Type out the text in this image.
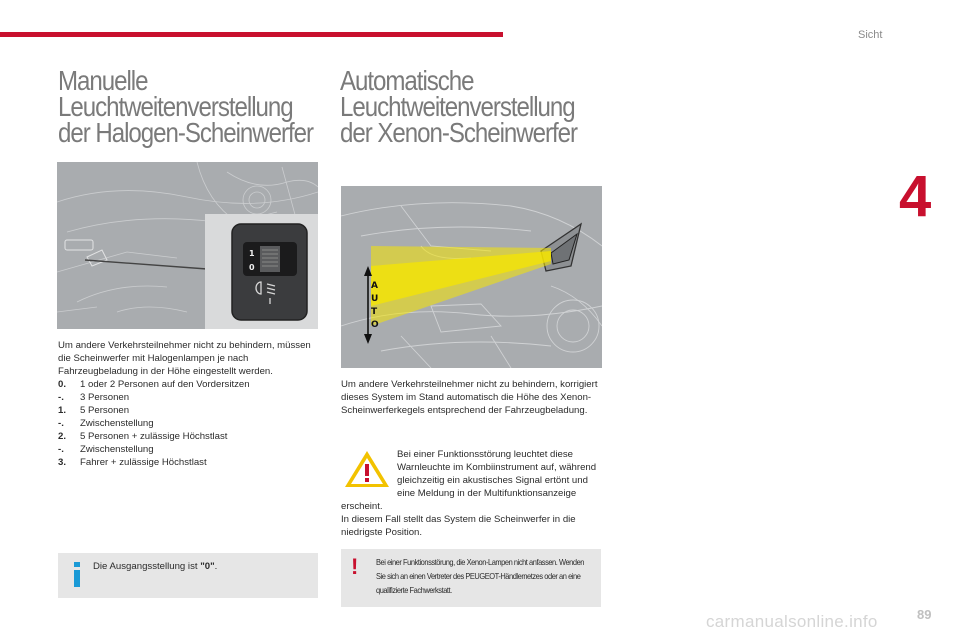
Sicht
4
Manuelle
Leuchtweitenverstellung
der Halogen-Scheinwerfer
Automatische
Leuchtweitenverstellung
der Xenon-Scheinwerfer
1
0
A
U
T
O

Um andere Verkehrsteilnehmer nicht zu behindern, müssen die Scheinwerfer mit Halogenlampen je nach Fahrzeugbeladung in der Höhe eingestellt werden.

0.	1 oder 2 Personen auf den Vordersitzen
-.	3 Personen
1.	5 Personen
-.	Zwischenstellung
2.	5 Personen + zulässige Höchstlast
-.	Zwischenstellung
3.	Fahrer + zulässige Höchstlast
Die Ausgangsstellung ist "0".
Um andere Verkehrsteilnehmer nicht zu behindern, korrigiert dieses System im Stand automatisch die Höhe des Xenon-Scheinwerferkegels entsprechend der Fahrzeugbeladung.

Bei einer Funktionsstörung leuchtet diese Warnleuchte im Kombiinstrument auf, während gleichzeitig ein akustisches Signal ertönt und eine Meldung in der Multifunktionsanzeige erscheint.

In diesem Fall stellt das System die Scheinwerfer in die niedrigste Position.

! Bei einer Funktionsstörung, die Xenon-Lampen nicht anfassen. Wenden Sie sich an einen Vertreter des PEUGEOT-Händlernetzes oder an eine qualifizierte Fachwerkstatt.
89
carmanualsonline.info
